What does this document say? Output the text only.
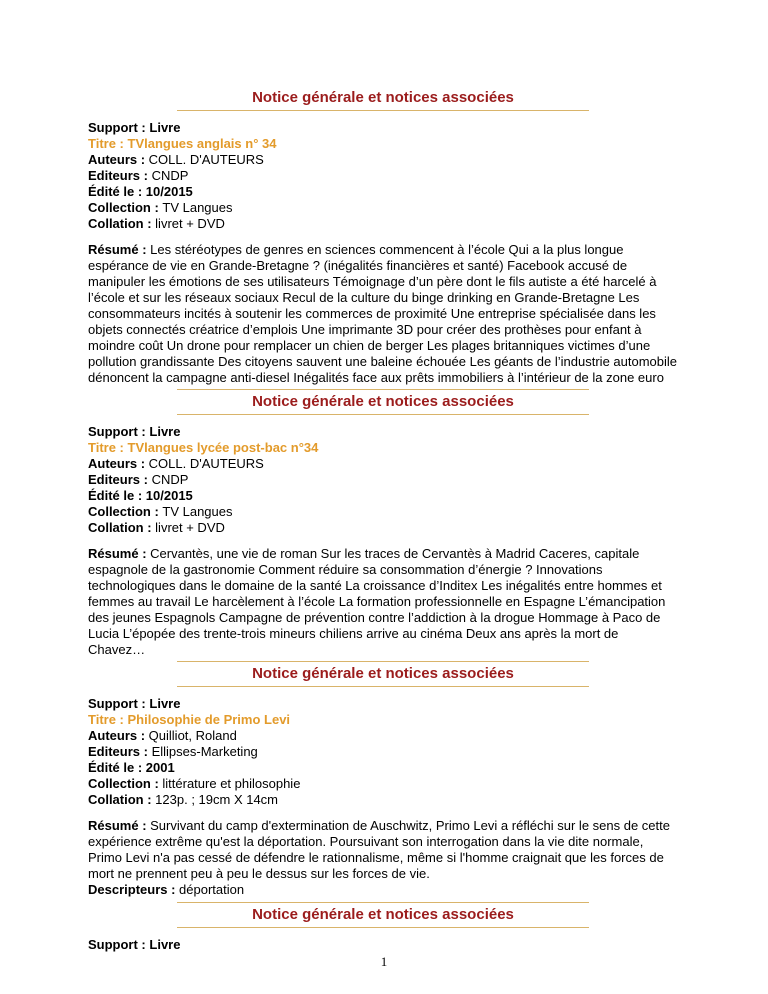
Notice générale et notices associées
Support : Livre
Titre : TVlangues anglais n° 34
Auteurs : COLL. D'AUTEURS
Editeurs : CNDP
Édité le : 10/2015
Collection : TV Langues
Collation : livret + DVD
Résumé : Les stéréotypes de genres en sciences commencent à l’école Qui a la plus longue espérance de vie en Grande-Bretagne ? (inégalités financières et santé) Facebook accusé de manipuler les émotions de ses utilisateurs Témoignage d’un père dont le fils autiste a été harcelé à l’école et sur les réseaux sociaux Recul de la culture du binge drinking en Grande-Bretagne Les consommateurs incités à soutenir les commerces de proximité Une entreprise spécialisée dans les objets connectés créatrice d’emplois Une imprimante 3D pour créer des prothèses pour enfant à moindre coût Un drone pour remplacer un chien de berger Les plages britanniques victimes d’une pollution grandissante Des citoyens sauvent une baleine échouée Les géants de l’industrie automobile dénoncent la campagne anti-diesel Inégalités face aux prêts immobiliers à l’intérieur de la zone euro
Notice générale et notices associées
Support : Livre
Titre : TVlangues lycée post-bac n°34
Auteurs : COLL. D'AUTEURS
Editeurs : CNDP
Édité le : 10/2015
Collection : TV Langues
Collation : livret + DVD
Résumé : Cervantès, une vie de roman Sur les traces de Cervantès à Madrid Caceres, capitale espagnole de la gastronomie Comment réduire sa consommation d’énergie ? Innovations technologiques dans le domaine de la santé La croissance d’Inditex Les inégalités entre hommes et femmes au travail Le harcèlement à l’école La formation professionnelle en Espagne L’émancipation des jeunes Espagnols Campagne de prévention contre l’addiction à la drogue Hommage à Paco de Lucia L’épopée des trente-trois mineurs chiliens arrive au cinéma Deux ans après la mort de Chavez…
Notice générale et notices associées
Support : Livre
Titre : Philosophie de Primo Levi
Auteurs : Quilliot, Roland
Editeurs : Ellipses-Marketing
Édité le : 2001
Collection : littérature et philosophie
Collation : 123p. ; 19cm X 14cm
Résumé : Survivant du camp d'extermination de Auschwitz, Primo Levi a réfléchi sur le sens de cette expérience extrême qu'est la déportation. Poursuivant son interrogation dans la vie dite normale, Primo Levi n'a pas cessé de défendre le rationnalisme, même si l'homme craignait que les forces de mort ne prennent peu à peu le dessus sur les forces de vie.
Descripteurs : déportation
Notice générale et notices associées
Support : Livre
1
